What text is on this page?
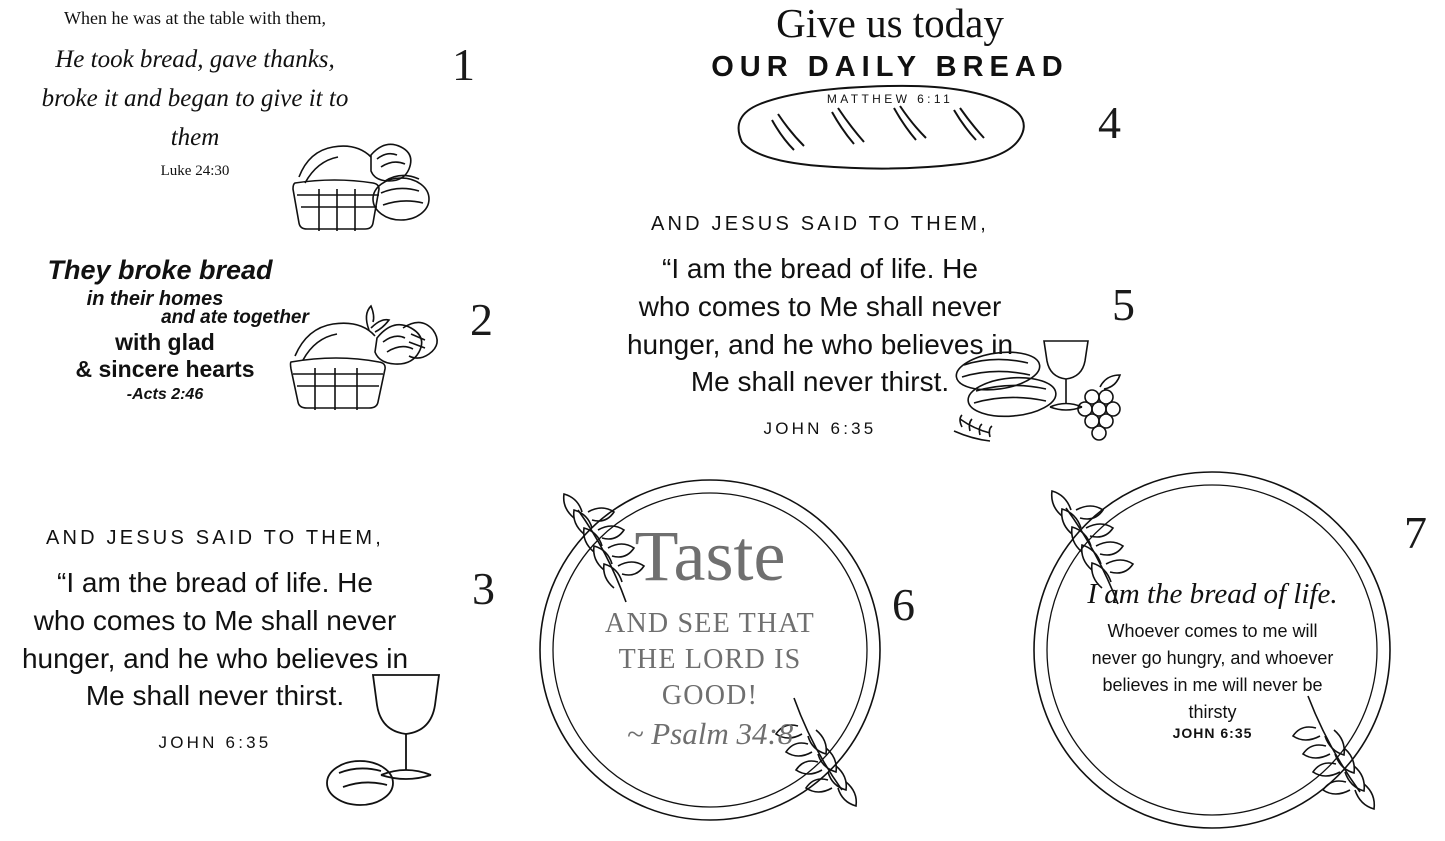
When he was at the table with them,
He took bread, gave thanks,
broke it and began to give it to
them
Luke 24:30
1
They broke bread
in their homes
and ate together
with glad
& sincere hearts
-Acts 2:46
2
AND JESUS SAID TO THEM,
“I am the bread of life. He
who comes to Me shall never
hunger, and he who believes in
Me shall never thirst.
JOHN 6:35
3
Give us today
OUR DAILY BREAD
MATTHEW 6:11	4
AND JESUS SAID TO THEM,
“I am the bread of life. He
who comes to Me shall never
hunger, and he who believes in
Me shall never thirst.
JOHN 6:35
5
Taste
AND SEE THAT
THE LORD IS
GOOD!
~ Psalm 34:8
6	I am the bread of life.
Whoever comes to me will
never go hungry, and whoever
believes in me will never be
thirsty
JOHN 6:35
7
